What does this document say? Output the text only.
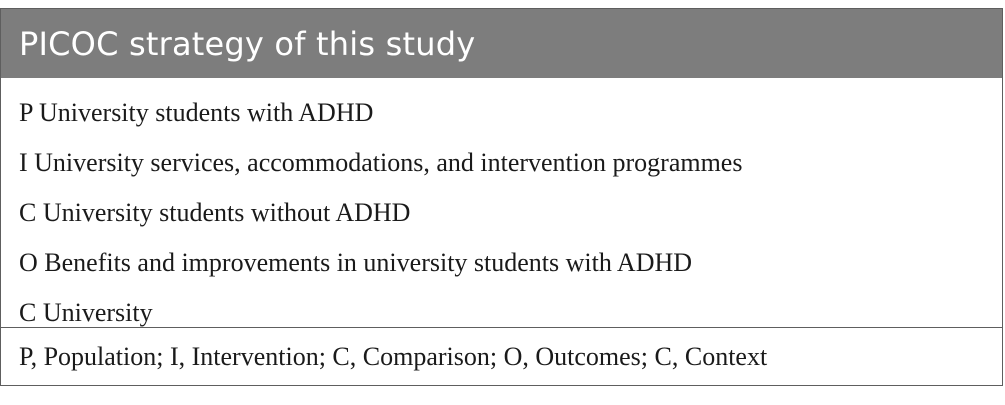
PICOC strategy of this study
P University students with ADHD
I University services, accommodations, and intervention programmes
C University students without ADHD
O Benefits and improvements in university students with ADHD
C University
P, Population; I, Intervention; C, Comparison; O, Outcomes; C, Context
